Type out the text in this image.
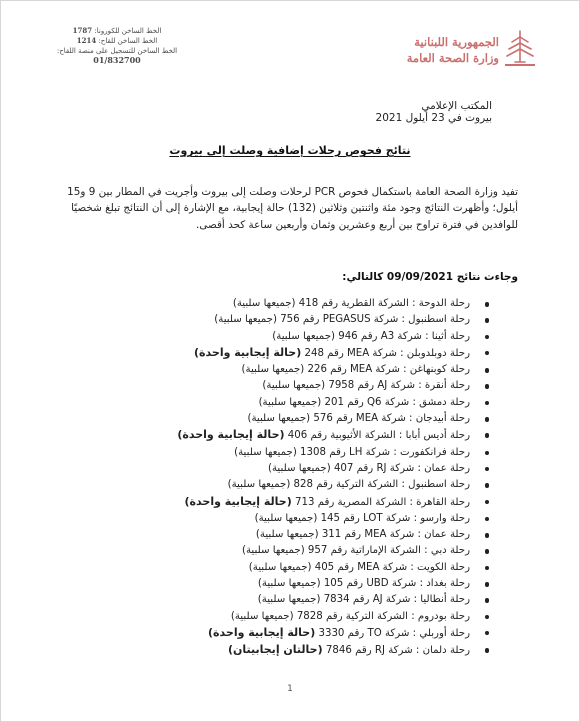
الخط الساخن للكورونا: 1787
الخط الساخن للقاح: 1214
الخط الساخن للتسجيل على منصة اللقاح:
01/832700
الجمهورية اللبنانية
وزارة الصحة العامة
المكتب الإعلامي
بيروت في 23 أيلول 2021
نتائج فحوص رحلات إضافية وصلت إلى بيروت
تفيد وزارة الصحة العامة باستكمال فحوص PCR لرحلات وصلت إلى بيروت وأجريت في المطار بين 9 و15 أيلول؛ وأظهرت النتائج وجود مئة واثنتين وثلاثين (132) حالة إيجابية، مع الإشارة إلى أن النتائج تبلغ شخصيًا للوافدين في فترة تراوح بين أربع وعشرين وثمان وأربعين ساعة كحد أقصى.
وجاءت نتائج 09/09/2021 كالتالي:
رحلة الدوحة : الشركة القطرية رقم 418 (جميعها سلبية)
رحلة اسطنبول : شركة PEGASUS رقم 756 (جميعها سلبية)
رحلة أثينا : شركة A3 رقم 946 (جميعها سلبية)
رحلة دوبلدوبلن : شركة MEA رقم 248 (حالة إيجابية واحدة)
رحلة كوبنهاغن : شركة MEA رقم 226 (جميعها سلبية)
رحلة أنقرة : شركة AJ رقم 7958 (جميعها سلبية)
رحلة دمشق : شركة Q6 رقم 201 (جميعها سلبية)
رحلة أبيدجان : شركة MEA رقم 576 (جميعها سلبية)
رحلة أديس أبابا : الشركة الأثيوبية رقم 406 (حالة إيجابية واحدة)
رحلة فرانكفورت : شركة LH رقم 1308 (جميعها سلبية)
رحلة عمان : شركة RJ رقم 407 (جميعها سلبية)
رحلة اسطنبول : الشركة التركية رقم 828 (جميعها سلبية)
رحلة القاهرة : الشركة المصرية رقم 713 (حالة إيجابية واحدة)
رحلة وارسو : شركة LOT رقم 145 (جميعها سلبية)
رحلة عمان : شركة MEA رقم 311 (جميعها سلبية)
رحلة دبي : الشركة الإماراتية رقم 957 (جميعها سلبية)
رحلة الكويت : شركة MEA رقم 405 (جميعها سلبية)
رحلة بغداد : شركة UBD رقم 105 (جميعها سلبية)
رحلة أنطاليا : شركة AJ رقم 7834 (جميعها سلبية)
رحلة بودروم : الشركة التركية رقم 7828 (جميعها سلبية)
رحلة أوربلي : شركة TO رقم 3330 (حالة إيجابية واحدة)
رحلة دلمان : شركة RJ رقم 7846 (حالتان إيجابيتان)
1
